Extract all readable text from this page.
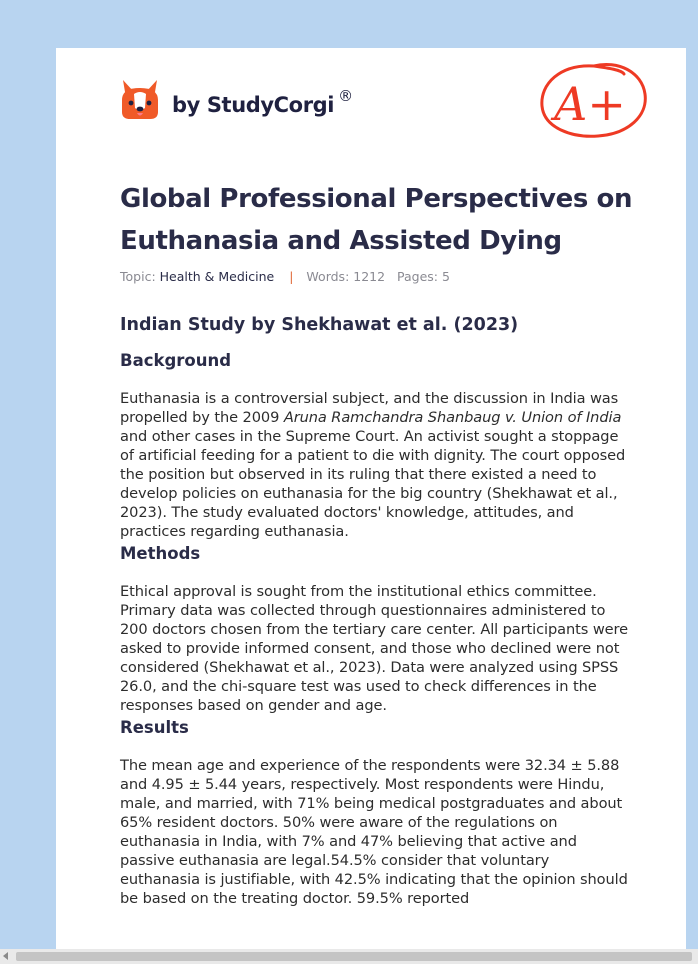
by StudyCorgi ®	A+
Global Professional Perspectives on Euthanasia and Assisted Dying
Topic: Health & Medicine | Words: 1212 Pages: 5
Indian Study by Shekhawat et al. (2023)
Background

Euthanasia is a controversial subject, and the discussion in India was propelled by the 2009 Aruna Ramchandra Shanbaug v. Union of India and other cases in the Supreme Court. An activist sought a stoppage of artificial feeding for a patient to die with dignity. The court opposed the position but observed in its ruling that there existed a need to develop policies on euthanasia for the big country (Shekhawat et al., 2023). The study evaluated doctors' knowledge, attitudes, and practices regarding euthanasia.

Methods

Ethical approval is sought from the institutional ethics committee. Primary data was collected through questionnaires administered to 200 doctors chosen from the tertiary care center. All participants were asked to provide informed consent, and those who declined were not considered (Shekhawat et al., 2023). Data were analyzed using SPSS 26.0, and the chi-square test was used to check differences in the responses based on gender and age.

Results

The mean age and experience of the respondents were 32.34 ± 5.88 and 4.95 ± 5.44 years, respectively. Most respondents were Hindu, male, and married, with 71% being medical postgraduates and about 65% resident doctors. 50% were aware of the regulations on euthanasia in India, with 7% and 47% believing that active and passive euthanasia are legal.54.5% consider that voluntary euthanasia is justifiable, with 42.5% indicating that the opinion should be based on the treating doctor. 59.5% reported
